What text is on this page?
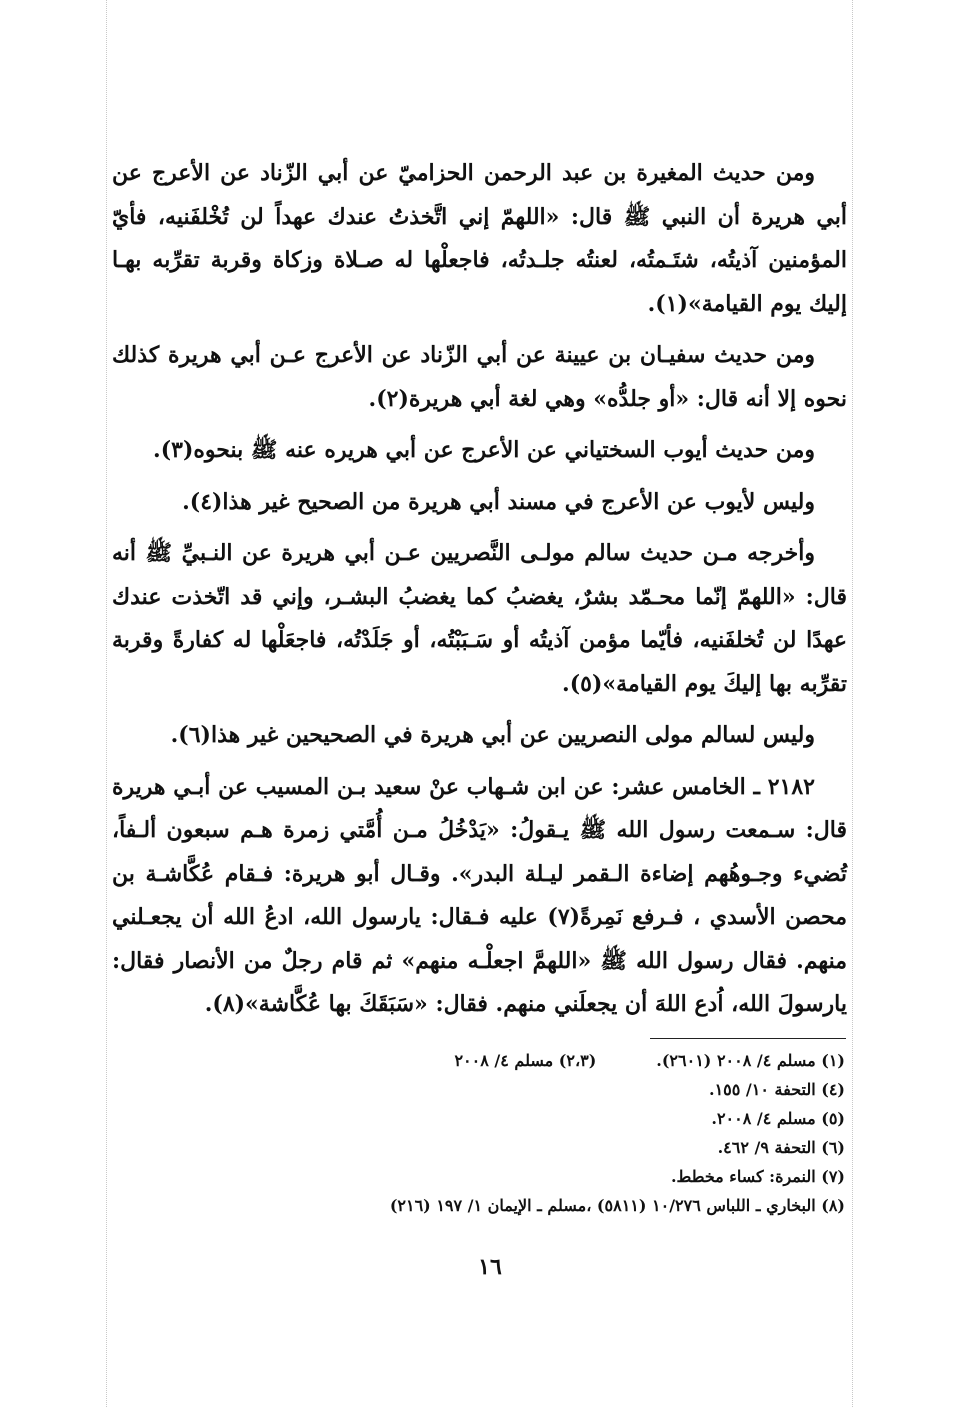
ومن حديث المغيرة بن عبد الرحمن الحزاميّ عن أبي الزّناد عن الأعرج عن أبي هريرة أن النبي ﷺ قال: «اللهمّ إني اتَّخذتُ عندك عهداً لن تُخْلفَنيه، فأيّ المؤمنين آذيتُه، شتَـمتُه، لعنتُه جلـدتُه، فاجعلْها له صـلاة وزكاة وقربة تقرِّبه بهـا إليك يوم القيامة»(١).

ومن حديث سفيـان بن عيينة عن أبي الزّناد عن الأعرج عـن أبي هريرة كذلك نحوه إلا أنه قال: «أو جلدُّه» وهي لغة أبي هريرة(٢).

ومن حديث أيوب السختياني عن الأعرج عن أبي هريره عنه ﷺ بنحوه(٣).

وليس لأيوب عن الأعرج في مسند أبي هريرة من الصحيح غير هذا(٤).

وأخرجه مـن حديث سالم مولـى النَّصريين عـن أبي هريرة عن النـبيِّ ﷺ أنه قال: «اللهمّ إنّما محـمّد بشرٌ، يغضبُ كما يغضبُ البشـر، وإني قد اتّخذت عندك عهدًا لن تُخلفَنيه، فأيّما مؤمن آذيتُه أو سَـبَبْتُه، أو جَلَدْتُه، فاجعَلْها له كفارةً وقربة تقرِّبه بها إليكَ يوم القيامة»(٥).

وليس لسالم مولى النصريين عن أبي هريرة في الصحيحين غير هذا(٦).

٢١٨٢ ـ الخامس عشر: عن ابن شـهاب عنْ سعيد بـن المسيب عن أبـي هريرة قال: سـمعت رسول الله ﷺ يـقولُ: «يَدْخُلُ مـن أُمَّتي زمرة هـم سبعون ألـفاً، تُضيء وجـوهُهم إضاءة الـقمر ليـلة البدر». وقـال أبو هريرة: فـقام عُكَّاشـة بن محصن الأسدي ، فـرفع نَمِرةً(٧) عليه فـقال: يارسول الله، ادعُ الله أن يجعـلني منهم. فقال رسول الله ﷺ «اللهمَّ اجعلْـه منهم» ثم قام رجلٌ من الأنصار فقال: يارسولَ الله، اُدع اللهَ أن يجعلَني منهم. فقال: «سَبَقَكَ بها عُكَّاشة»(٨).

(١) مسلم ٤/ ٢٠٠٨ (٢٦٠١).
(٢،٣) مسلم ٤/ ٢٠٠٨
(٤) التحفة ١٠/ ١٥٥.
(٥) مسلم ٤/ ٢٠٠٨.
(٦) التحفة ٩/ ٤٦٢.
(٧) النمرة: كساء مخطط.
(٨) البخاري ـ اللباس ١٠/٢٧٦ (٥٨١١) ،مسلم ـ الإيمان ١/ ١٩٧ (٢١٦)
١٦
